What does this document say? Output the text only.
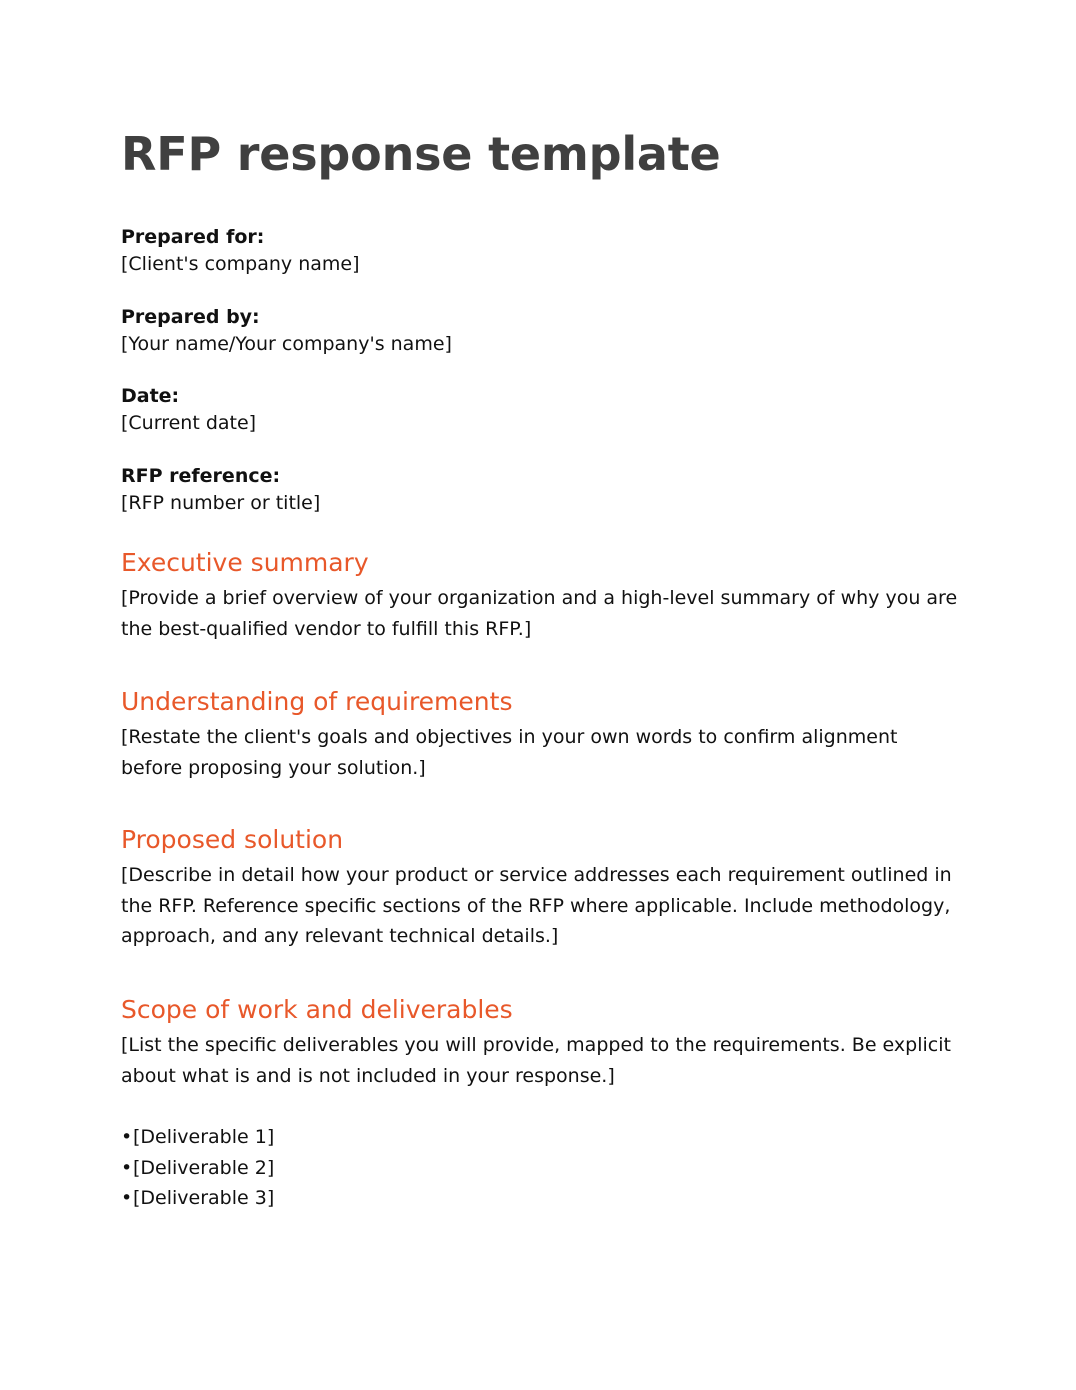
RFP response template

Prepared for:

[Client's company name]

Prepared by:

[Your name/Your company's name]

Date:

[Current date]

RFP reference:

[RFP number or title]

Executive summary

[Provide a brief overview of your organization and a high-level summary of why you are the best-qualified vendor to fulfill this RFP.]

Understanding of requirements

[Restate the client's goals and objectives in your own words to confirm alignment before proposing your solution.]

Proposed solution

[Describe in detail how your product or service addresses each requirement outlined in the RFP. Reference specific sections of the RFP where applicable. Include methodology, approach, and any relevant technical details.]

Scope of work and deliverables

[List the specific deliverables you will provide, mapped to the requirements. Be explicit about what is and is not included in your response.]

•[Deliverable 1]
•[Deliverable 2]
•[Deliverable 3]
